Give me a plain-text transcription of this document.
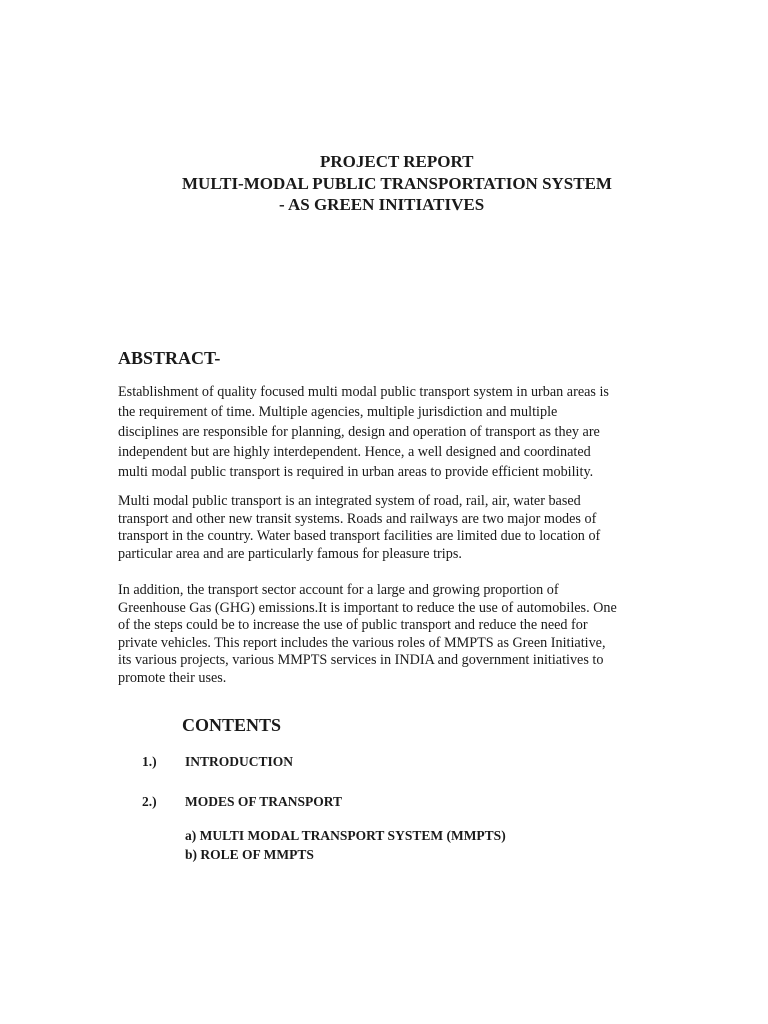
PROJECT REPORT
MULTI-MODAL PUBLIC TRANSPORTATION SYSTEM
- AS GREEN INITIATIVES
ABSTRACT-

Establishment of quality focused multi modal public transport system in urban areas is
the requirement of time. Multiple agencies, multiple jurisdiction and multiple
disciplines are responsible for planning, design and operation of transport as they are
independent but are highly interdependent. Hence, a well designed and coordinated
multi modal public transport is required in urban areas to provide efficient mobility.

Multi modal public transport is an integrated system of road, rail, air, water based
transport and other new transit systems. Roads and railways are two major modes of
transport in the country. Water based transport facilities are limited due to location of
particular area and are particularly famous for pleasure trips.

In addition, the transport sector account for a large and growing proportion of
Greenhouse Gas (GHG) emissions.It is important to reduce the use of automobiles. One
of the steps could be to increase the use of public transport and reduce the need for
private vehicles. This report includes the various roles of MMPTS as Green Initiative,
its various projects, various MMPTS services in INDIA and government initiatives to
promote their uses.

CONTENTS
1.) INTRODUCTION
2.) MODES OF TRANSPORT
a) MULTI MODAL TRANSPORT SYSTEM (MMPTS)
b) ROLE OF MMPTS
